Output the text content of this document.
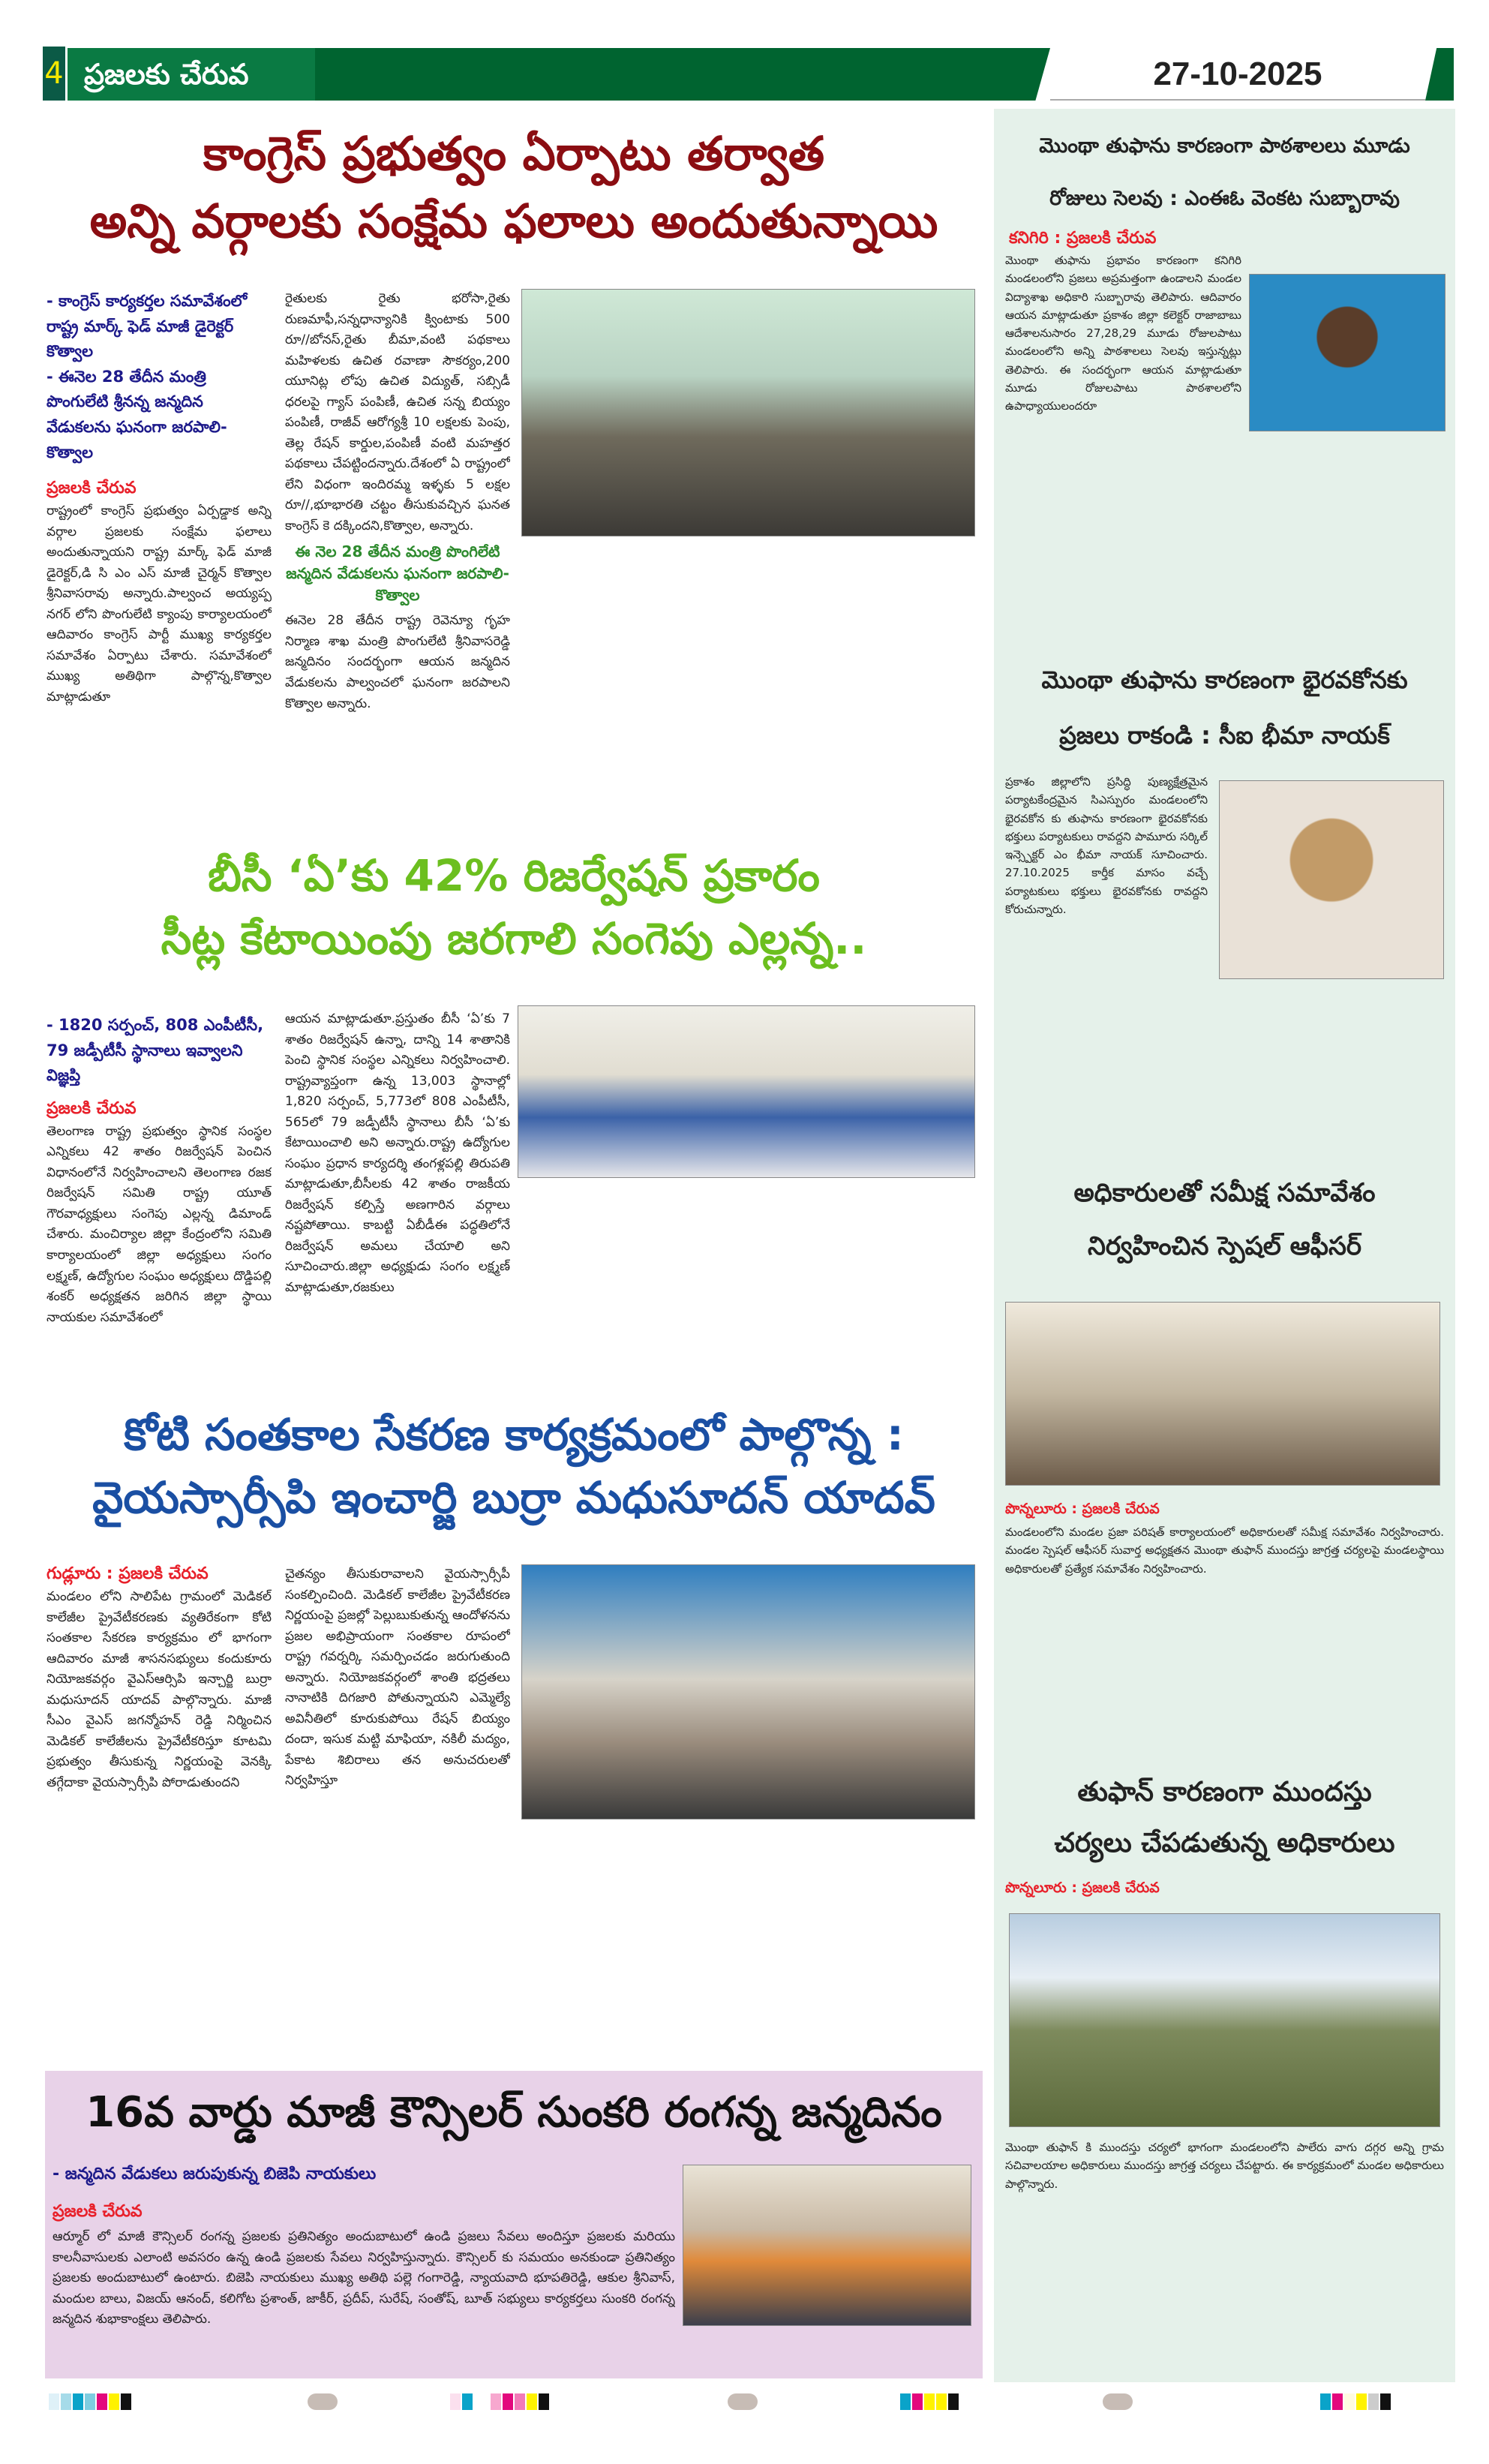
4 ప్రజలకు చేరువ	27-10-2025
కాంగ్రెస్ ప్రభుత్వం ఏర్పాటు తర్వాత
అన్ని వర్గాలకు సంక్షేమ ఫలాలు అందుతున్నాయి
- కాంగ్రెస్ కార్యకర్తల సమావేశంలో రాష్ట్ర మార్క్ ఫెడ్ మాజీ డైరెక్టర్ కొత్వాల
- ఈనెల 28 తేదీన మంత్రి పొంగులేటి శ్రీనన్న జన్మదిన వేడుకలను ఘనంగా జరపాలి-కొత్వాల
ప్రజలకి చేరువ
రాష్ట్రంలో కాంగ్రెస్ ప్రభుత్వం ఏర్పడ్డాక అన్ని వర్గాల ప్రజలకు సంక్షేమ ఫలాలు అందుతున్నాయని రాష్ట్ర మార్క్ ఫెడ్ మాజీ డైరెక్టర్,డి సి ఎం ఎస్ మాజీ చైర్మన్ కొత్వాల శ్రీనివాసరావు అన్నారు.పాల్వంచ అయ్యప్ప నగర్ లోని పొంగులేటి క్యాంపు కార్యాలయంలో ఆదివారం కాంగ్రెస్ పార్టీ ముఖ్య కార్యకర్తల సమావేశం ఏర్పాటు చేశారు. సమావేశంలో ముఖ్య అతిథిగా పాల్గొన్న,కొత్వాల మాట్లాడుతూ
రైతులకు రైతు భరోసా,రైతు రుణమాఫీ,సన్నధాన్యానికి క్వింటాకు 500 రూ//బోనస్,రైతు బీమా,వంటి పథకాలు మహిళలకు ఉచిత రవాణా సౌకర్యం,200 యూనిట్ల లోపు ఉచిత విద్యుత్, సబ్సిడీ ధరలపై గ్యాస్ పంపిణీ, ఉచిత సన్న బియ్యం పంపిణీ, రాజీవ్ ఆరోగ్యశ్రీ 10 లక్షలకు పెంపు, తెల్ల రేషన్ కార్డుల,పంపిణీ వంటి మహత్తర పథకాలు చేపట్టిందన్నారు.దేశంలో ఏ రాష్ట్రంలో లేని విధంగా ఇందిరమ్మ ఇళ్ళకు 5 లక్షల రూ//,భూభారతి చట్టం తీసుకువచ్చిన ఘనత కాంగ్రెస్ కె దక్కిందని,కొత్వాల, అన్నారు.
ఈ నెల 28 తేదీన మంత్రి పొంగిలేటి జన్మదిన వేడుకలను ఘనంగా జరపాలి-కొత్వాల
ఈనెల 28 తేదీన రాష్ట్ర రెవెన్యూ గృహ నిర్మాణ శాఖ మంత్రి పొంగులేటి శ్రీనివాసరెడ్డి జన్మదినం సందర్భంగా ఆయన జన్మదిన వేడుకలను పాల్వంచలో ఘనంగా జరపాలని కొత్వాల అన్నారు.
బీసీ ‘ఏ’కు 42% రిజర్వేషన్ ప్రకారం
సీట్ల కేటాయింపు జరగాలి సంగెపు ఎల్లన్న..
- 1820 సర్పంచ్, 808 ఎంపీటీసీ, 79 జడ్పీటీసీ స్థానాలు ఇవ్వాలని విజ్ఞప్తి
ప్రజలకి చేరువ
తెలంగాణ రాష్ట్ర ప్రభుత్వం స్థానిక సంస్థల ఎన్నికలు 42 శాతం రిజర్వేషన్ పెంచిన విధానంలోనే నిర్వహించాలని తెలంగాణ రజక రిజర్వేషన్ సమితి రాష్ట్ర యూత్ గౌరవాధ్యక్షులు సంగెపు ఎల్లన్న డిమాండ్ చేశారు. మంచిర్యాల జిల్లా కేంద్రంలోని సమితి కార్యాలయంలో జిల్లా అధ్యక్షులు సంగం లక్ష్మణ్, ఉద్యోగుల సంఘం అధ్యక్షులు దొడ్డిపల్లి శంకర్ అధ్యక్షతన జరిగిన జిల్లా స్థాయి నాయకుల సమావేశంలో
ఆయన మాట్లాడుతూ.ప్రస్తుతం బీసీ ‘ఏ’కు 7 శాతం రిజర్వేషన్ ఉన్నా, దాన్ని 14 శాతానికి పెంచి స్థానిక సంస్థల ఎన్నికలు నిర్వహించాలి. రాష్ట్రవ్యాప్తంగా ఉన్న 13,003 స్థానాల్లో 1,820 సర్పంచ్, 5,773లో 808 ఎంపీటీసీ, 565లో 79 జడ్పీటీసీ స్థానాలు బీసీ ‘ఏ’కు కేటాయించాలి అని అన్నారు.రాష్ట్ర ఉద్యోగుల సంఘం ప్రధాన కార్యదర్శి తంగళ్లపల్లి తిరుపతి మాట్లాడుతూ,బీసీలకు 42 శాతం రాజకీయ రిజర్వేషన్ కల్పిస్తే అణగారిన వర్గాలు నష్టపోతాయి. కాబట్టి ఏబీడీఈ పద్ధతిలోనే రిజర్వేషన్ అమలు చేయాలి అని సూచించారు.జిల్లా అధ్యక్షుడు సంగం లక్ష్మణ్ మాట్లాడుతూ,రజకులు
కోటి సంతకాల సేకరణ కార్యక్రమంలో పాల్గొన్న :
వైయస్సార్సీపి ఇంచార్జి బుర్రా మధుసూదన్ యాదవ్
గుడ్లూరు : ప్రజలకి చేరువ
మండలం లోని సాలిపేట గ్రామంలో మెడికల్ కాలేజీల ప్రైవేటీకరణకు వ్యతిరేకంగా కోటి సంతకాల సేకరణ కార్యక్రమం లో భాగంగా ఆదివారం మాజీ శాసనసభ్యులు కందుకూరు నియోజకవర్గం వైఎస్ఆర్సిపి ఇన్చార్జి బుర్రా మధుసూదన్ యాదవ్ పాల్గొన్నారు. మాజీ సీఎం వైఎస్ జగన్మోహన్ రెడ్డి నిర్మించిన మెడికల్ కాలేజీలను ప్రైవేటీకరిస్తూ కూటమి ప్రభుత్వం తీసుకున్న నిర్ణయంపై వెనక్కి తగ్గేదాకా వైయస్సార్సీపి పోరాడుతుందని
చైతన్యం తీసుకురావాలని వైయస్సార్సీపీ సంకల్పించింది. మెడికల్ కాలేజీల ప్రైవేటీకరణ నిర్ణయంపై ప్రజల్లో పెల్లుబుకుతున్న ఆందోళనను ప్రజల అభిప్రాయంగా సంతకాల రూపంలో రాష్ట్ర గవర్నర్కి సమర్పించడం జరుగుతుంది అన్నారు. నియోజకవర్గంలో శాంతి భద్రతలు నానాటికి దిగజారి పోతున్నాయని ఎమ్మెల్యే అవినీతిలో కూరుకుపోయి రేషన్ బియ్యం దందా, ఇసుక మట్టి మాఫియా, నకిలీ మద్యం, పేకాట శిబిరాలు తన అనుచరులతో నిర్వహిస్తూ
16వ వార్డు మాజీ కౌన్సిలర్ సుంకరి రంగన్న జన్మదినం
- జన్మదిన వేడుకలు జరుపుకున్న బిజెపి నాయకులు
ప్రజలకి చేరువ
ఆర్మూర్ లో మాజీ కౌన్సిలర్ రంగన్న ప్రజలకు ప్రతినిత్యం అందుబాటులో ఉండి ప్రజలు సేవలు అందిస్తూ ప్రజలకు మరియు కాలనీవాసులకు ఎలాంటి అవసరం ఉన్న ఉండి ప్రజలకు సేవలు నిర్వహిస్తున్నారు. కౌన్సిలర్ కు సమయం అనకుండా ప్రతినిత్యం ప్రజలకు అందుబాటులో ఉంటారు. బిజెపి నాయకులు ముఖ్య అతిథి పల్లె గంగారెడ్డి, న్యాయవాది భూపతిరెడ్డి, ఆకుల శ్రీనివాస్, మందుల బాలు, విజయ్ ఆనంద్, కలిగోట ప్రశాంత్, జాకీర్, ప్రదీప్, సురేష్, సంతోష్, బూత్ సభ్యులు కార్యకర్తలు సుంకరి రంగన్న జన్మదిన శుభాకాంక్షలు తెలిపారు.
మొంథా తుఫాను కారణంగా పాఠశాలలు మూడు
రోజులు సెలవు : ఎంఈఓ వెంకట సుబ్బారావు
కనిగిరి : ప్రజలకి చేరువ
మొంథా తుఫాను ప్రభావం కారణంగా కనిగిరి మండలంలోని ప్రజలు అప్రమత్తంగా ఉండాలని మండల విద్యాశాఖ అధికారి సుబ్బారావు తెలిపారు. ఆదివారం ఆయన మాట్లాడుతూ ప్రకాశం జిల్లా కలెక్టర్ రాజాబాబు ఆదేశాలనుసారం 27,28,29 మూడు రోజులపాటు మండలంలోని అన్ని పాఠశాలలు సెలవు ఇస్తున్నట్లు తెలిపారు. ఈ సందర్భంగా ఆయన మాట్లాడుతూ మూడు రోజులపాటు పాఠశాలలోని ఉపాధ్యాయులందరూ
మొంథా తుఫాను కారణంగా భైరవకోనకు
ప్రజలు రాకండి : సీఐ భీమా నాయక్
ప్రకాశం జిల్లాలోని ప్రసిద్ధి పుణ్యక్షేత్రమైన పర్యాటకేంద్రమైన సిఎస్పురం మండలంలోని భైరవకోన కు తుఫాను కారణంగా భైరవకోనకు భక్తులు పర్యాటకులు రావద్దని పామూరు సర్కిల్ ఇన్స్పెక్టర్ ఎం భీమా నాయక్ సూచించారు. 27.10.2025 కార్తీక మాసం వచ్చే పర్యాటకులు భక్తులు భైరవకోనకు రావద్దని కోరుచున్నారు.
అధికారులతో సమీక్ష సమావేశం
నిర్వహించిన స్పెషల్ ఆఫీసర్
పొన్నలూరు : ప్రజలకి చేరువ
మండలంలోని మండల ప్రజా పరిషత్ కార్యాలయంలో అధికారులతో సమీక్ష సమావేశం నిర్వహించారు. మండల స్పెషల్ ఆఫీసర్ సువార్త అధ్యక్షతన మొంథా తుఫాన్ ముందస్తు జాగ్రత్త చర్యలపై మండలస్థాయి అధికారులతో ప్రత్యేక సమావేశం నిర్వహించారు.
తుఫాన్ కారణంగా ముందస్తు
చర్యలు చేపడుతున్న అధికారులు
పొన్నలూరు : ప్రజలకి చేరువ
మొంథా తుఫాన్ కి ముందస్తు చర్యలో భాగంగా మండలంలోని పాలేరు వాగు దగ్గర అన్ని గ్రామ సచివాలయాల అధికారులు ముందస్తు జాగ్రత్త చర్యలు చేపట్టారు. ఈ కార్యక్రమంలో మండల అధికారులు పాల్గొన్నారు.
